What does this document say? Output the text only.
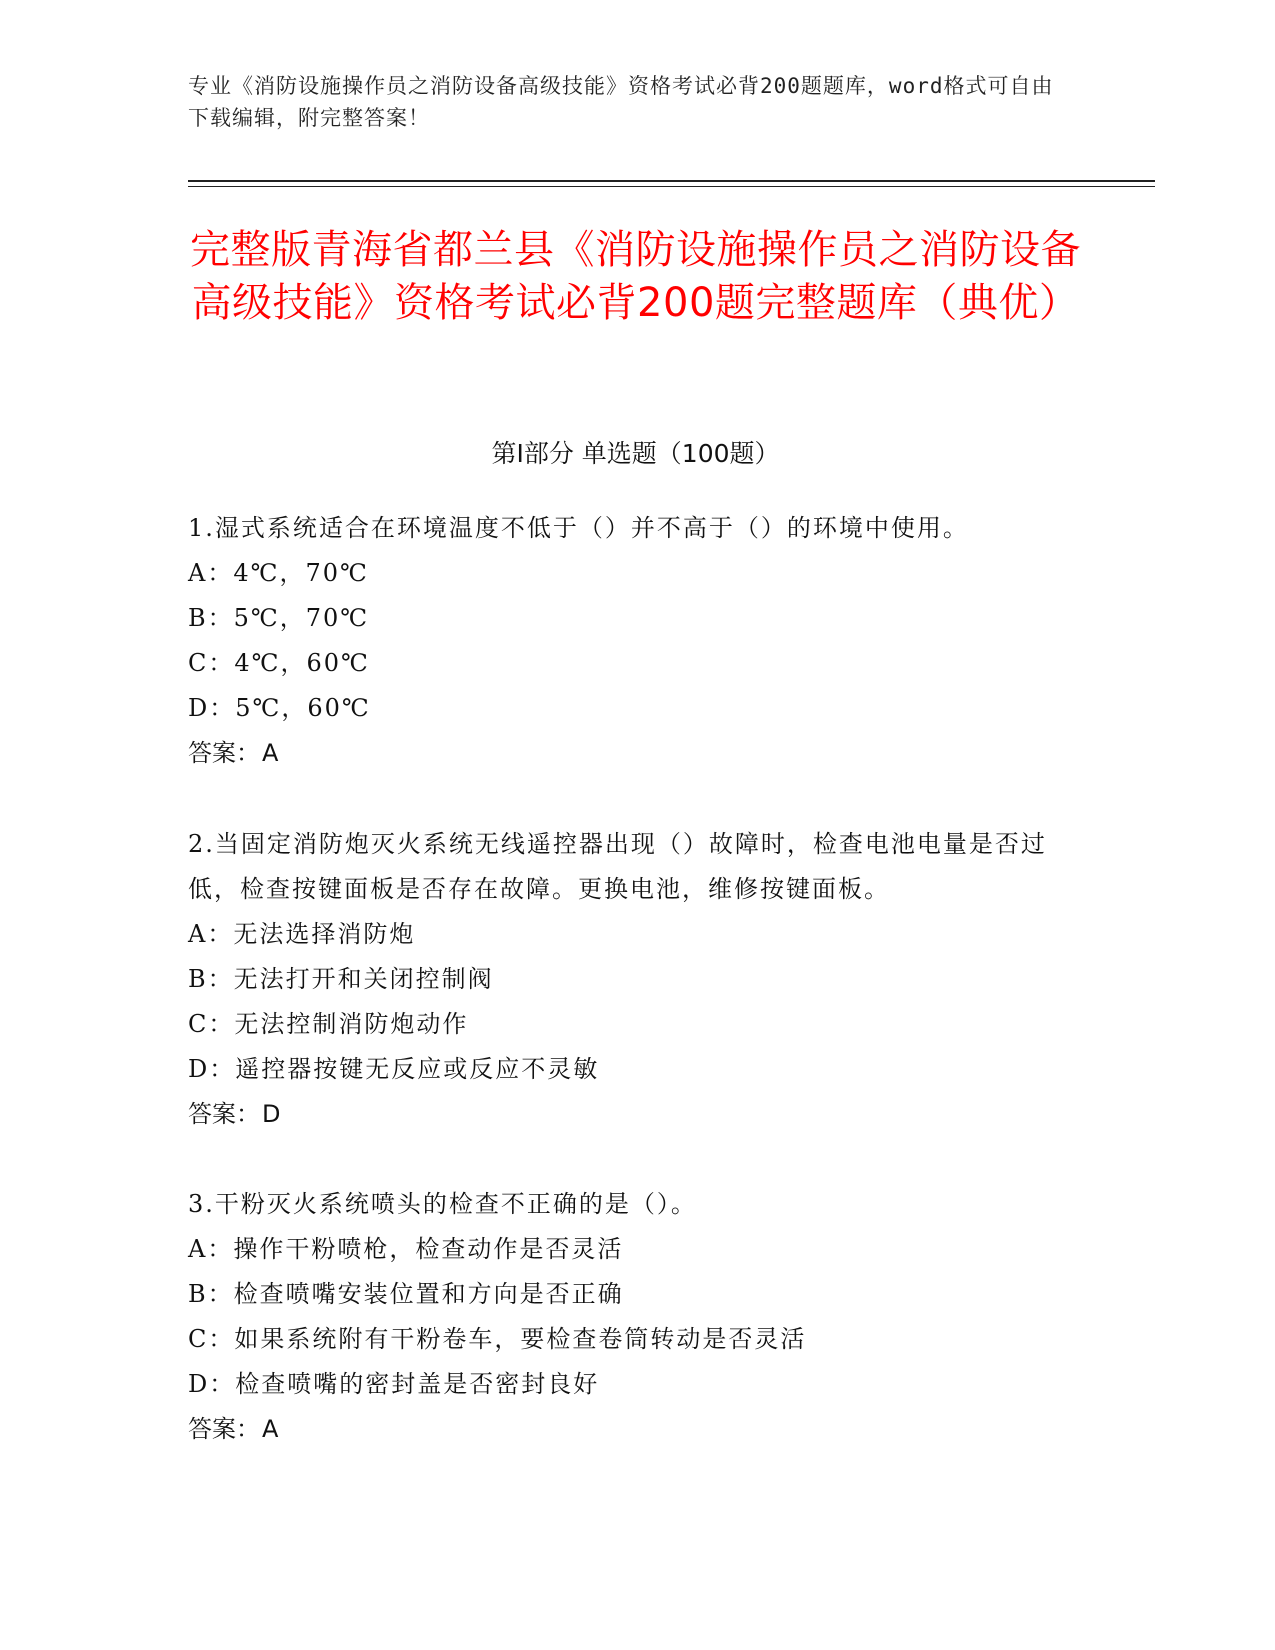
专业《消防设施操作员之消防设备高级技能》资格考试必背200题题库，word格式可自由下载编辑，附完整答案！
完整版青海省都兰县《消防设施操作员之消防设备高级技能》资格考试必背200题完整题库（典优）
第Ⅰ部分 单选题（100题）
1.湿式系统适合在环境温度不低于（）并不高于（）的环境中使用。
A：4℃，70℃
B：5℃，70℃
C：4℃，60℃
D：5℃，60℃
答案：A
2.当固定消防炮灭火系统无线遥控器出现（）故障时，检查电池电量是否过低，检查按键面板是否存在故障。更换电池，维修按键面板。
A：无法选择消防炮
B：无法打开和关闭控制阀
C：无法控制消防炮动作
D：遥控器按键无反应或反应不灵敏
答案：D
3.干粉灭火系统喷头的检查不正确的是（）。
A：操作干粉喷枪，检查动作是否灵活
B：检查喷嘴安装位置和方向是否正确
C：如果系统附有干粉卷车，要检查卷筒转动是否灵活
D：检查喷嘴的密封盖是否密封良好
答案：A
